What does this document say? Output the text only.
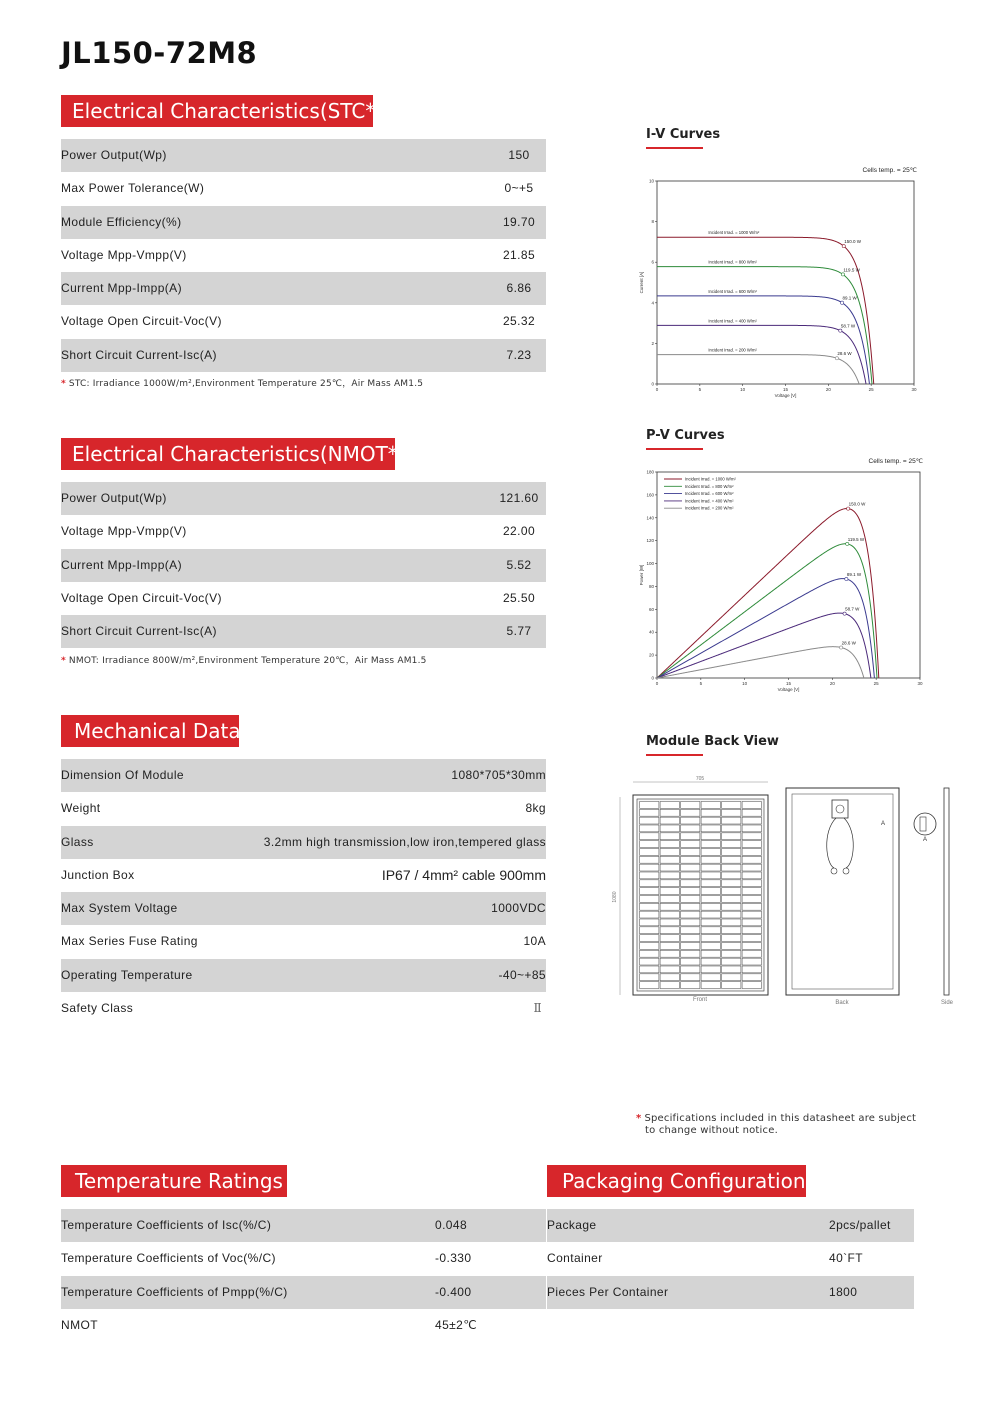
JL150-72M8
Electrical Characteristics(STC*)
Power Output(Wp)	150
Max Power Tolerance(W)	0~+5
Module Efficiency(%)	19.70
Voltage Mpp-Vmpp(V)	21.85
Current Mpp-Impp(A)	6.86
Voltage Open Circuit-Voc(V)	25.32
Short Circuit Current-Isc(A)	7.23
* STC: Irradiance 1000W/m²,Environment Temperature 25℃，Air Mass AM1.5
Electrical Characteristics(NMOT*)
Power Output(Wp)	121.60
Voltage Mpp-Vmpp(V)	22.00
Current Mpp-Impp(A)	5.52
Voltage Open Circuit-Voc(V)	25.50
Short Circuit Current-Isc(A)	5.77
* NMOT: Irradiance 800W/m²,Environment Temperature 20℃，Air Mass AM1.5
Mechanical Data
Dimension Of Module	1080*705*30mm
Weight	8kg
Glass	3.2mm high transmission,low iron,tempered glass
Junction Box	IP67 / 4mm² cable 900mm
Max System Voltage	1000VDC
Max Series Fuse Rating	10A
Operating Temperature	-40~+85
Safety Class	Ⅱ
Temperature Ratings
Temperature Coefficients of Isc(%/C)	0.048
Temperature Coefficients of Voc(%/C)	-0.330
Temperature Coefficients of Pmpp(%/C)	-0.400
NMOT	45±2℃
Packaging Configuration
Package	2pcs/pallet
Container	40`FT
Pieces Per Container	1800
* Specifications included in this datasheet are subject
to change without notice.
I-V Curves
0	5	10	15	20	25	30
0
2
4
6
8
10
Voltage [V]
Current [A]
Cells temp. = 25℃
150.0 W
Incident Irrad. = 1000 W/m²
119.5 W
Incident Irrad. = 800 W/m²
89.1 W
Incident Irrad. = 600 W/m²
58.7 W
Incident Irrad. = 400 W/m²
28.6 W
Incident Irrad. = 200 W/m²
P-V Curves
0	5	10	15	20	25	30
0
20
40
60
80
100
120
140
160
180
Voltage [V]
Power [W]
Cells temp. = 25℃
150.0 W
Incident Irrad. = 1000 W/m²
119.5 W
Incident Irrad. = 800 W/m²
89.1 W
Incident Irrad. = 600 W/m²
58.7 W
Incident Irrad. = 400 W/m²
28.6 W
Incident Irrad. = 200 W/m²
Module Back View
705
1080
Front
A
Back
A
Side
